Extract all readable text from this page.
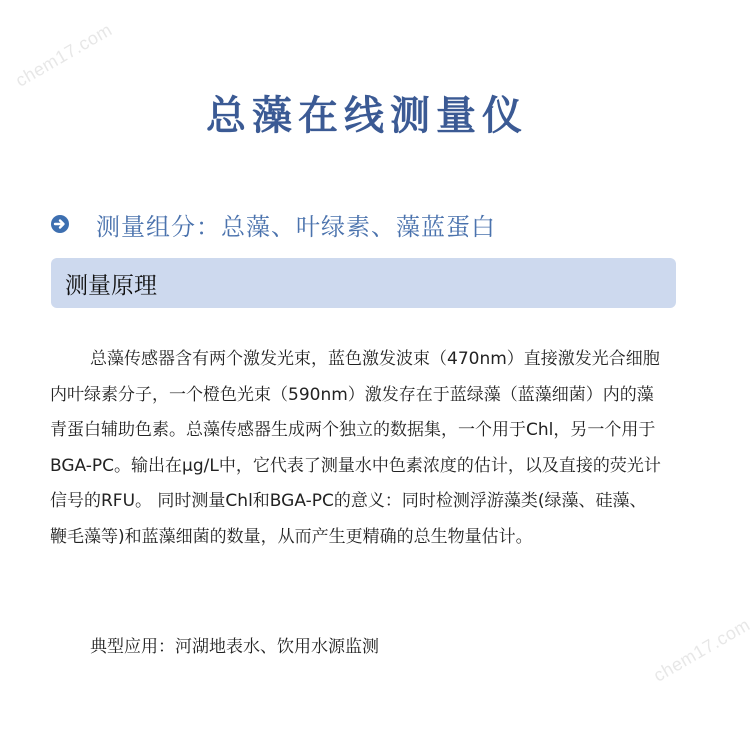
chem17.com
chem17.com
总藻在线测量仪
测量组分：总藻、叶绿素、藻蓝蛋白
测量原理
总藻传感器含有两个激发光束，蓝色激发波束（470nm）直接激发光合细胞
内叶绿素分子，一个橙色光束（590nm）激发存在于蓝绿藻（蓝藻细菌）内的藻
青蛋白辅助色素。总藻传感器生成两个独立的数据集，一个用于Chl，另一个用于
BGA-PC。输出在µg/L中，它代表了测量水中色素浓度的估计，以及直接的荧光计
信号的RFU。 同时测量Chl和BGA-PC的意义：同时检测浮游藻类(绿藻、硅藻、
鞭毛藻等)和蓝藻细菌的数量，从而产生更精确的总生物量估计。
典型应用：河湖地表水、饮用水源监测
